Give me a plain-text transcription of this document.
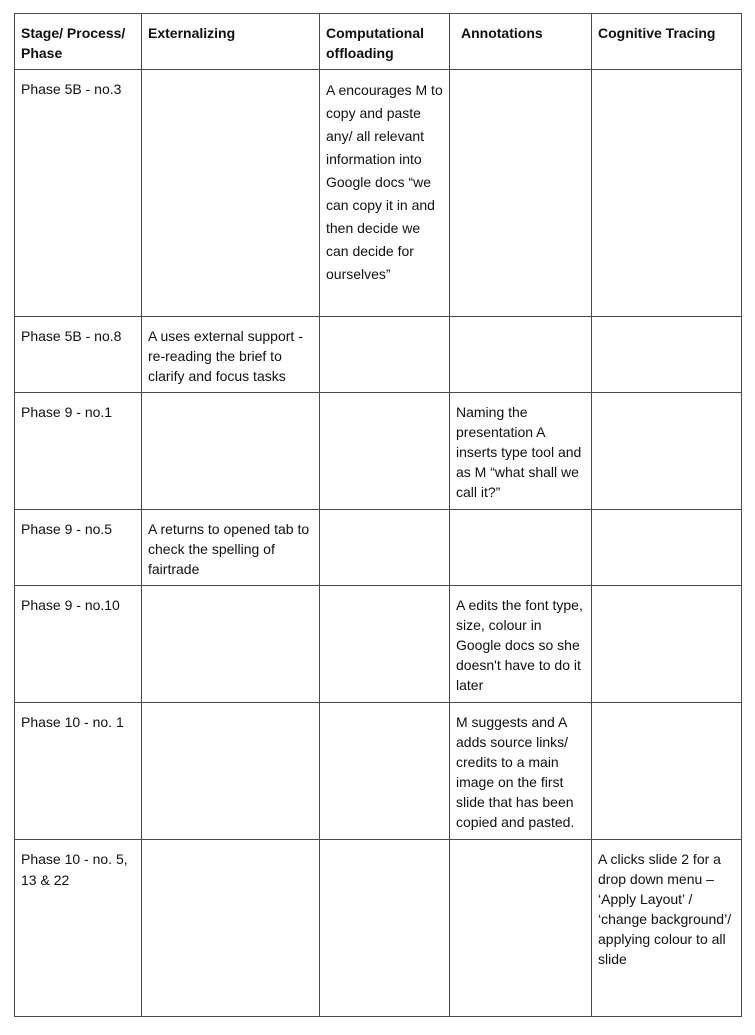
Stage/ Process/ Phase	Externalizing	Computational offloading	Annotations	Cognitive Tracing
Phase 5B - no.3		A encourages M to copy and paste any/ all relevant information into Google docs “we can copy it in and then decide we can decide for ourselves”		
Phase 5B - no.8	A uses external support - re-reading the brief to clarify and focus tasks			
Phase 9 - no.1			Naming the presentation A inserts type tool and as M “what shall we call it?”	
Phase 9 - no.5	A returns to opened tab to check the spelling of fairtrade			
Phase 9 - no.10			A edits the font type, size, colour in Google docs so she doesn't have to do it later	
Phase 10 - no. 1			M suggests and A adds source links/ credits to a main image on the first slide that has been copied and pasted.	
Phase 10 - no. 5, 13 & 22				A clicks slide 2 for a drop down menu – ‘Apply Layout’ / ‘change background’/ applying colour to all slide
